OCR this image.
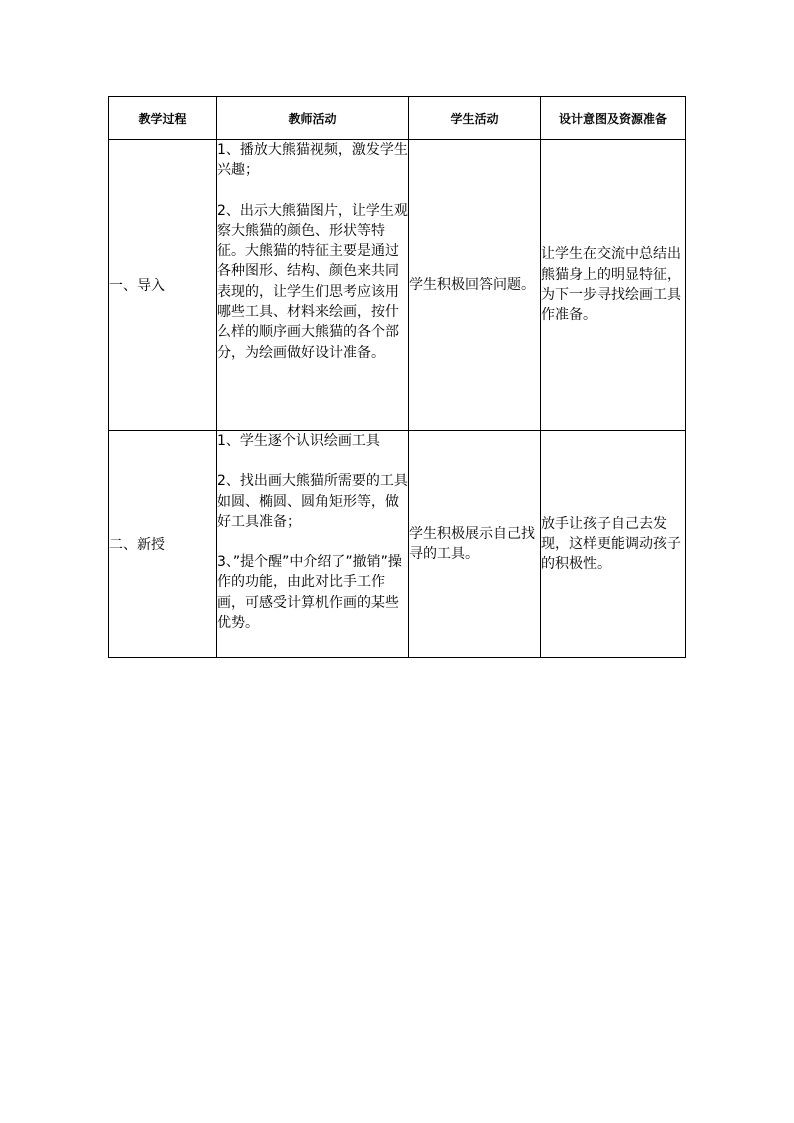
教学过程	教师活动	学生活动	设计意图及资源准备
一、导入	1、播放大熊猫视频，激发学生兴趣；

2、出示大熊猫图片，让学生观察大熊猫的颜色、形状等特征。大熊猫的特征主要是通过各种图形、结构、颜色来共同表现的，让学生们思考应该用哪些工具、材料来绘画，按什么样的顺序画大熊猫的各个部分，为绘画做好设计准备。	学生积极回答问题。	让学生在交流中总结出熊猫身上的明显特征，为下一步寻找绘画工具作准备。

二、新授	1、学生逐个认识绘画工具

2、找出画大熊猫所需要的工具如圆、椭圆、圆角矩形等，做好工具准备；

3、”提个醒”中介绍了”撤销”操作的功能，由此对比手工作画，可感受计算机作画的某些优势。	学生积极展示自己找寻的工具。	放手让孩子自己去发现，这样更能调动孩子的积极性。
